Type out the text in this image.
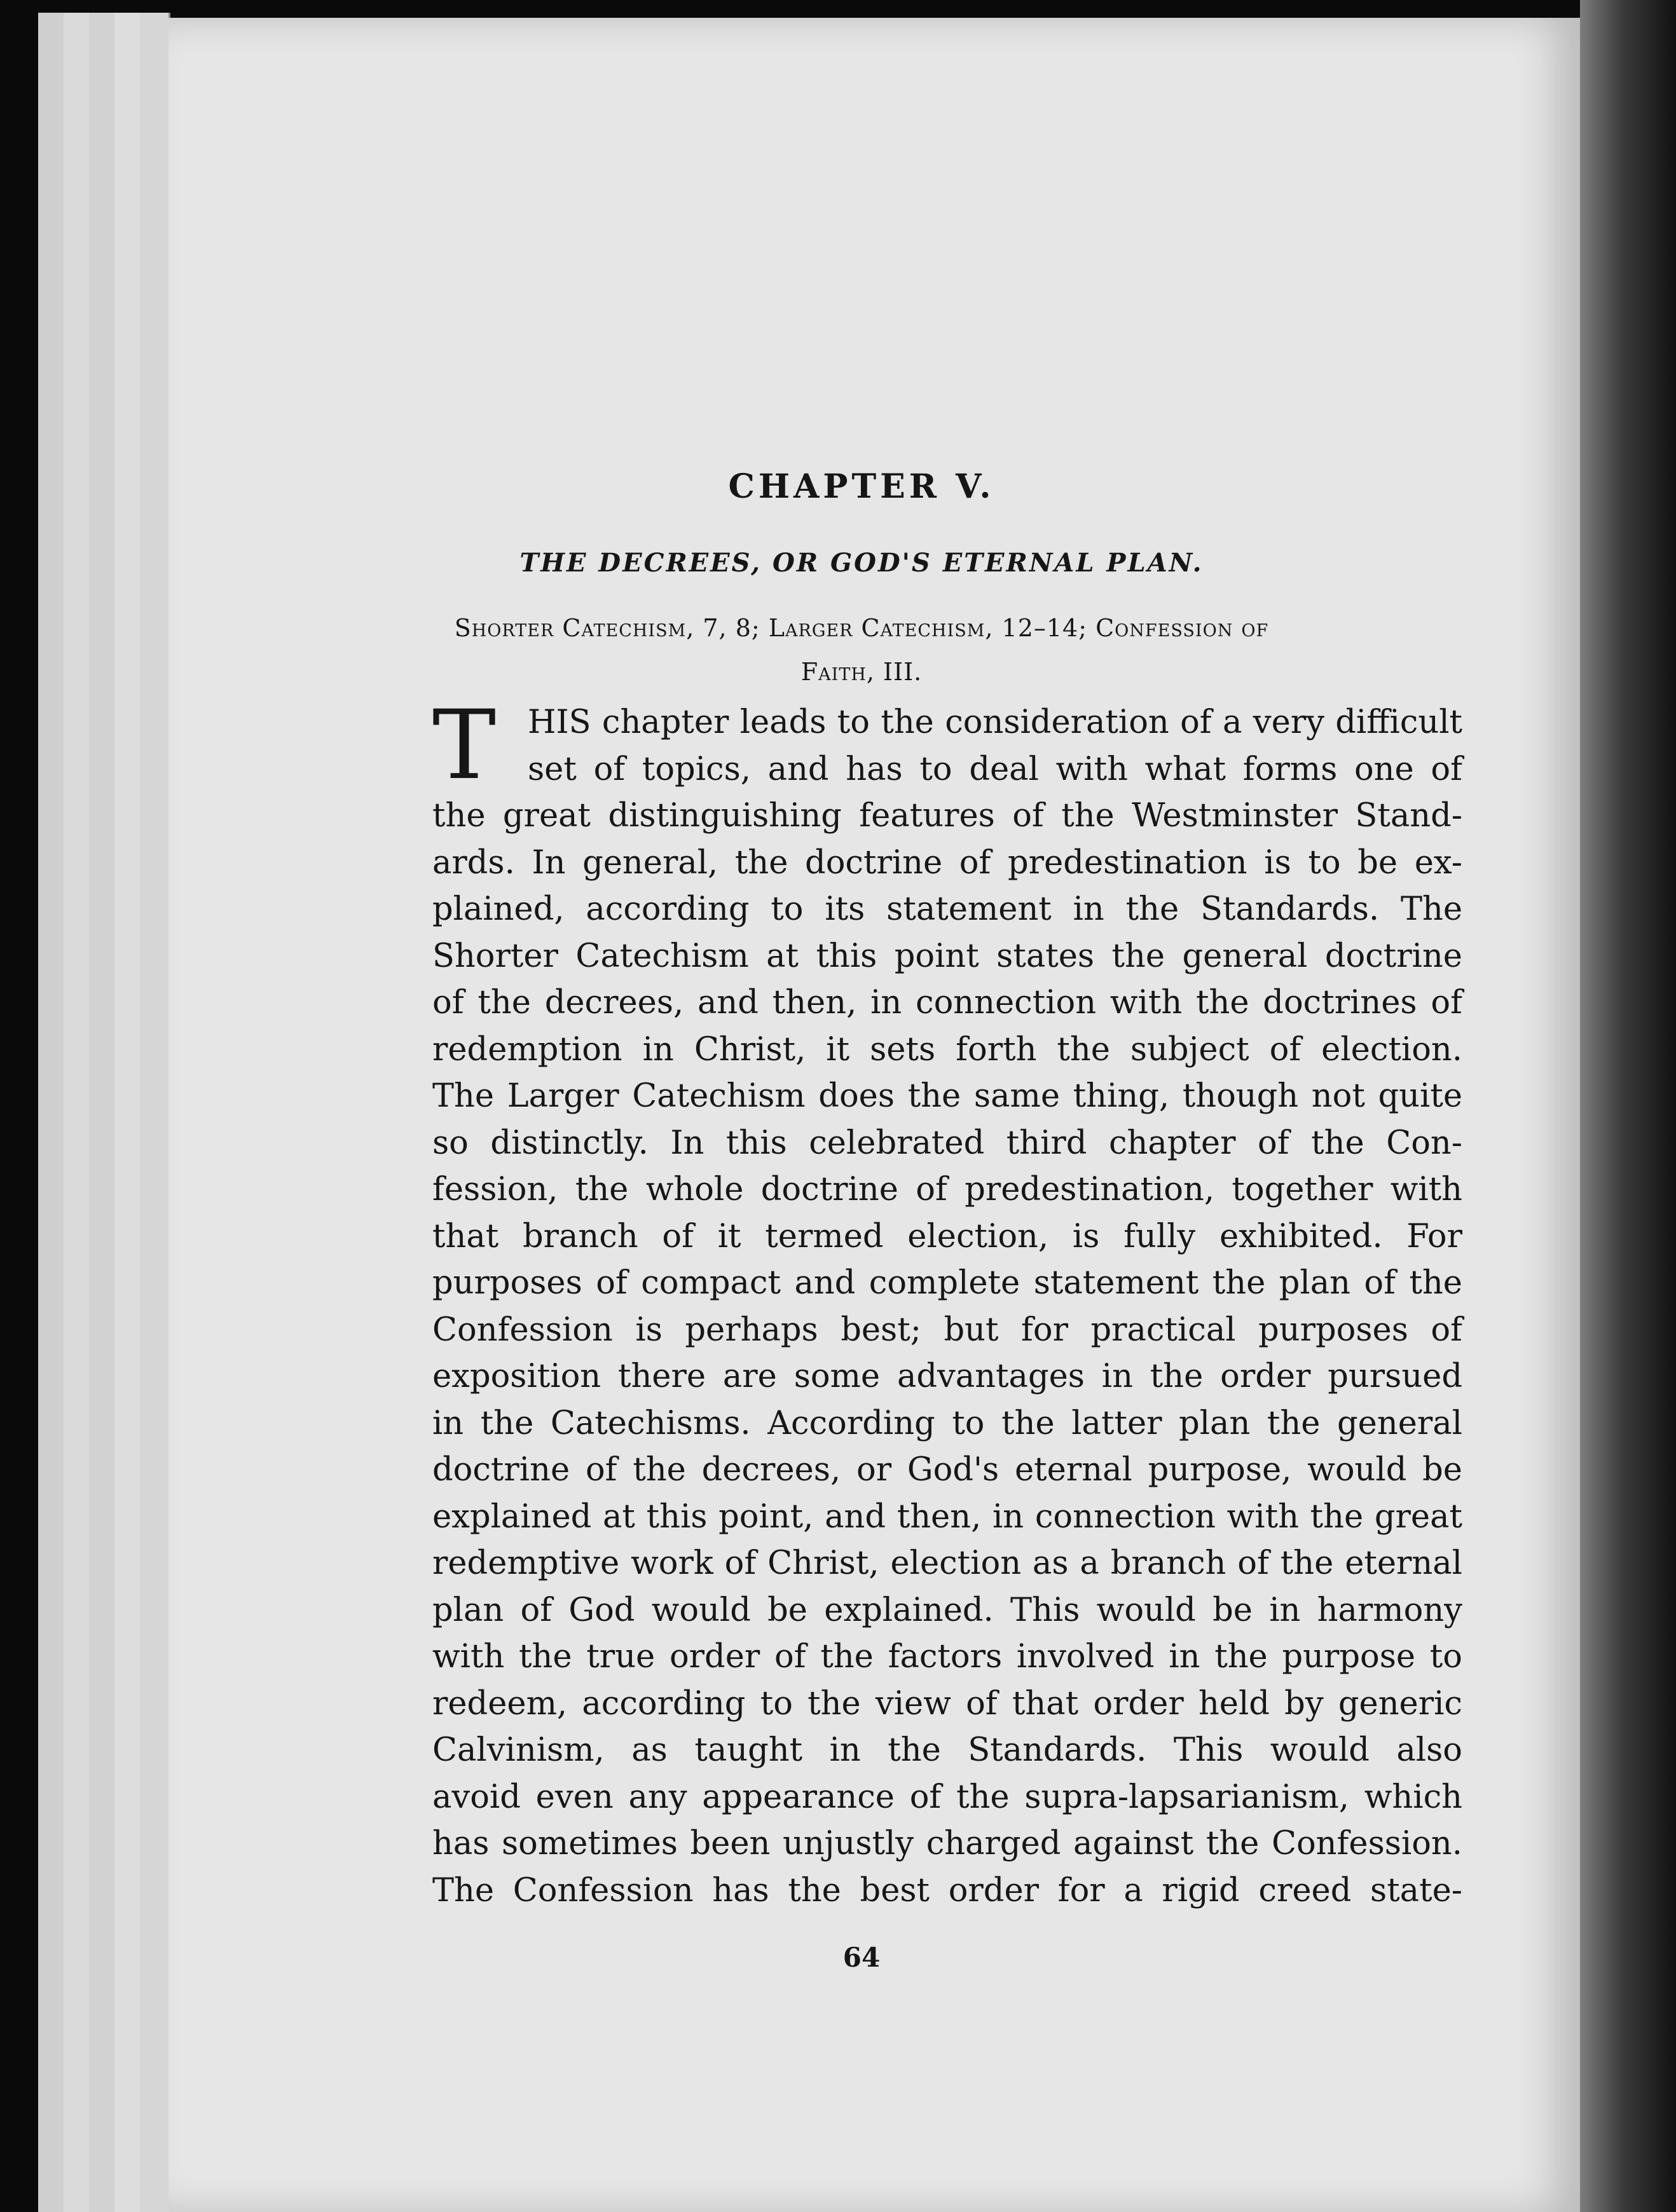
CHAPTER V.
THE DECREES, OR GOD'S ETERNAL PLAN.

Shorter Catechism, 7, 8; Larger Catechism, 12–14; Confession of

Faith, III.

T HIS chapter leads to the consideration of a very difficult
set of topics, and has to deal with what forms one of
the great distinguishing features of the Westminster Stand-
ards. In general, the doctrine of predestination is to be ex-
plained, according to its statement in the Standards. The
Shorter Catechism at this point states the general doctrine
of the decrees, and then, in connection with the doctrines of
redemption in Christ, it sets forth the subject of election.
The Larger Catechism does the same thing, though not quite
so distinctly. In this celebrated third chapter of the Con-
fession, the whole doctrine of predestination, together with
that branch of it termed election, is fully exhibited. For
purposes of compact and complete statement the plan of the
Confession is perhaps best; but for practical purposes of
exposition there are some advantages in the order pursued
in the Catechisms. According to the latter plan the general
doctrine of the decrees, or God's eternal purpose, would be
explained at this point, and then, in connection with the great
redemptive work of Christ, election as a branch of the eternal
plan of God would be explained. This would be in harmony
with the true order of the factors involved in the purpose to
redeem, according to the view of that order held by generic
Calvinism, as taught in the Standards. This would also
avoid even any appearance of the supra-lapsarianism, which
has sometimes been unjustly charged against the Confession.
The Confession has the best order for a rigid creed state-

64
